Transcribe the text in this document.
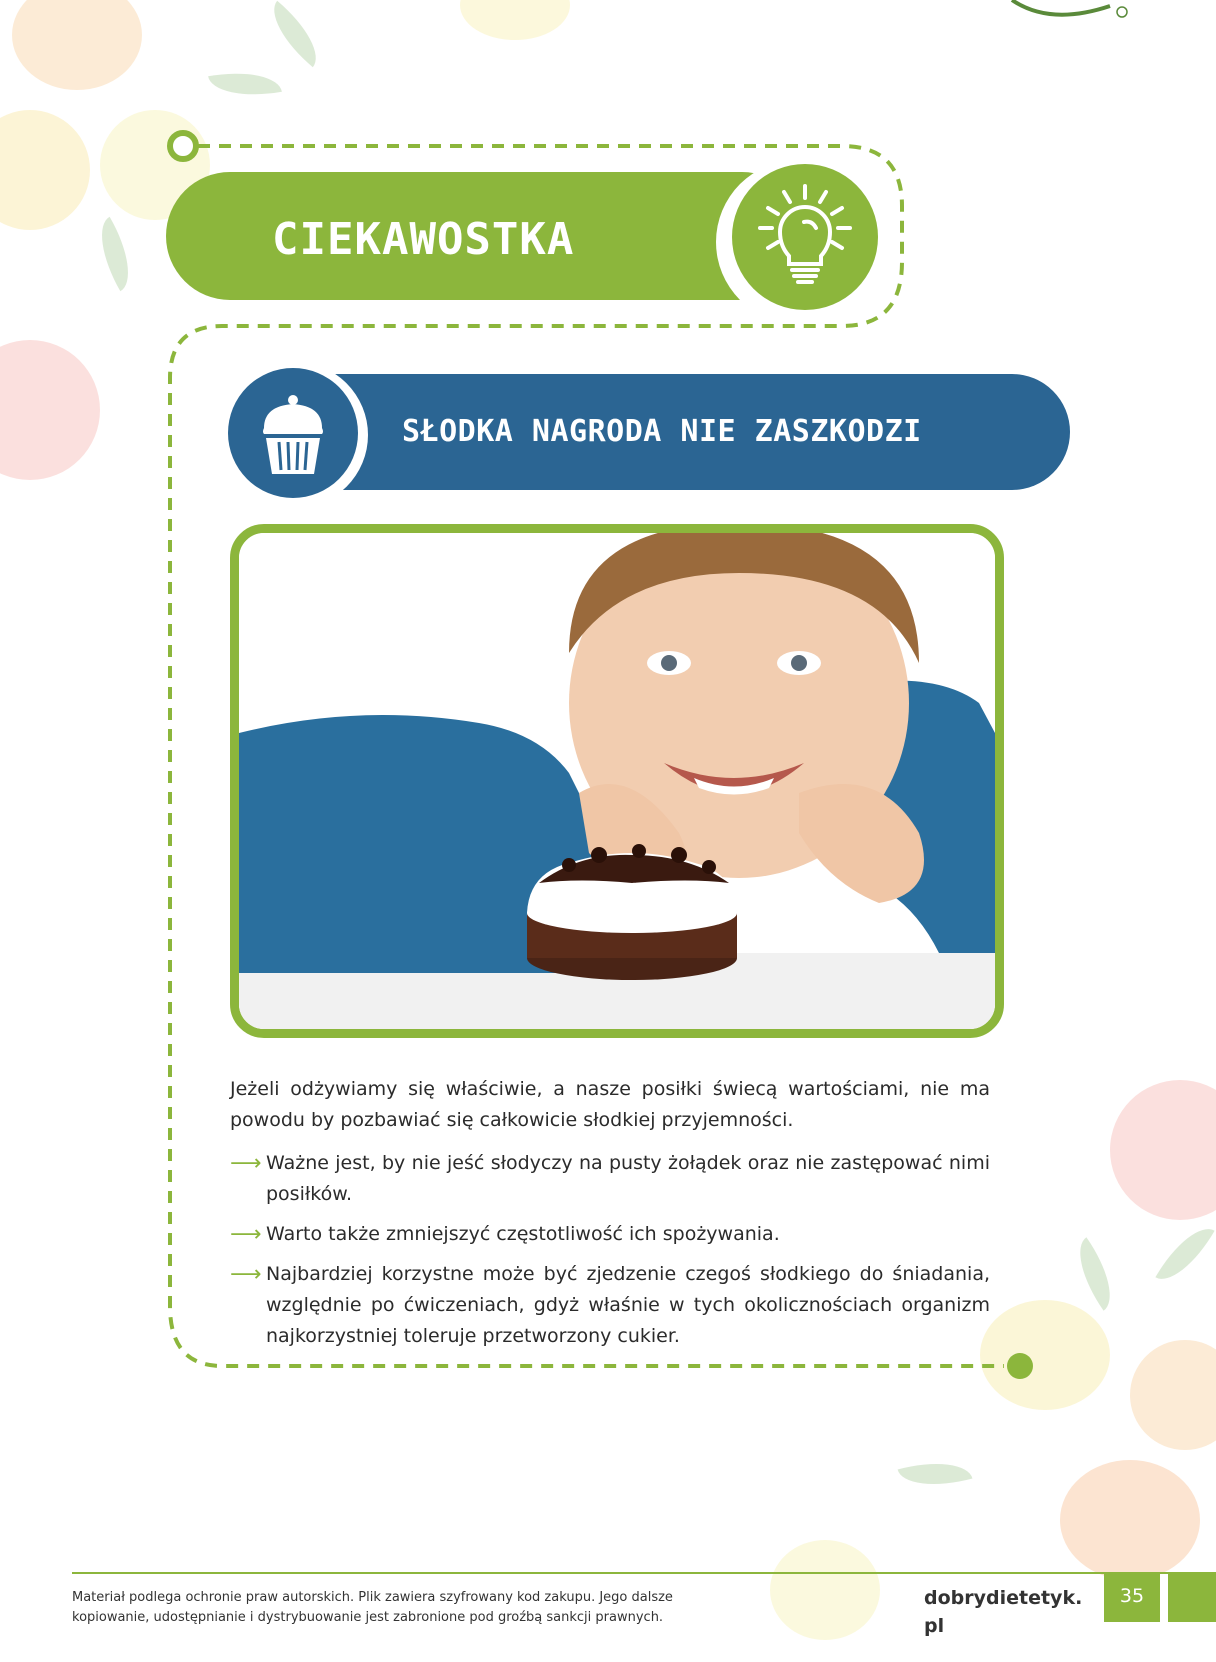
CIEKAWOSTKA
SŁODKA NAGRODA NIE ZASZKODZI

Jeżeli odżywiamy się właściwie, a nasze posiłki świecą wartościami, nie ma powodu by pozbawiać się całkowicie słodkiej przyjemności.

⟶ Ważne jest, by nie jeść słodyczy na pusty żołądek oraz nie zastępować nimi posiłków.
⟶ Warto także zmniejszyć częstotliwość ich spożywania.
⟶ Najbardziej korzystne może być zjedzenie czegoś słodkiego do śniadania, względnie po ćwiczeniach, gdyż właśnie w tych okolicznościach organizm najkorzystniej toleruje przetworzony cukier.
Materiał podlega ochronie praw autorskich. Plik zawiera szyfrowany kod zakupu. Jego dalsze kopiowanie, udostępnianie i dystrybuowanie jest zabronione pod groźbą sankcji prawnych.
dobrydietetyk. pl
35
